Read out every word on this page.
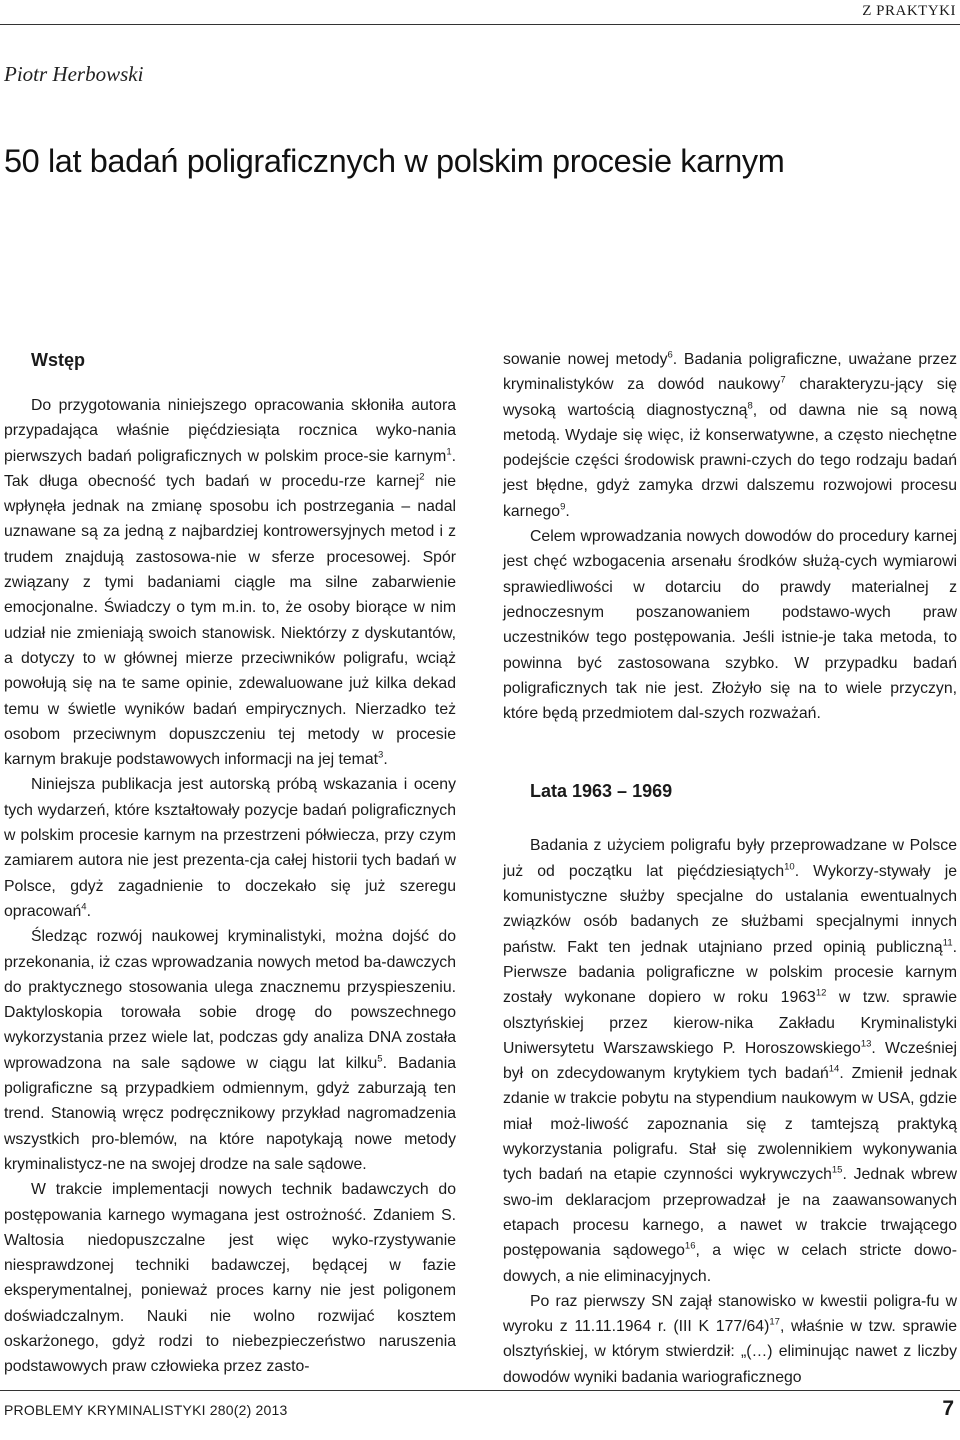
Z PRAKTYKI
Piotr Herbowski
50 lat badań poligraficznych w polskim procesie karnym
Wstęp

Do przygotowania niniejszego opracowania skłoniła autora przypadająca właśnie pięćdziesiąta rocznica wyko-nania pierwszych badań poligraficznych w polskim proce-sie karnym$^1$. Tak długa obecność tych badań w procedu-rze karnej$^2$ nie wpłynęła jednak na zmianę sposobu ich postrzegania – nadal uznawane są za jedną z najbardziej kontrowersyjnych metod i z trudem znajdują zastosowa-nie w sferze procesowej. Spór związany z tymi badaniami ciągle ma silne zabarwienie emocjonalne. Świadczy o tym m.in. to, że osoby biorące w nim udział nie zmieniają swoich stanowisk. Niektórzy z dyskutantów, a dotyczy to w głównej mierze przeciwników poligrafu, wciąż powołują się na te same opinie, zdewaluowane już kilka dekad temu w świetle wyników badań empirycznych. Nierzadko też osobom przeciwnym dopuszczeniu tej metody w procesie karnym brakuje podstawowych informacji na jej temat$^3$.

Niniejsza publikacja jest autorską próbą wskazania i oceny tych wydarzeń, które kształtowały pozycje badań poligraficznych w polskim procesie karnym na przestrzeni półwiecza, przy czym zamiarem autora nie jest prezenta-cja całej historii tych badań w Polsce, gdyż zagadnienie to doczekało się już szeregu opracowań$^4$.

Śledząc rozwój naukowej kryminalistyki, można dojść do przekonania, iż czas wprowadzania nowych metod ba-dawczych do praktycznego stosowania ulega znacznemu przyspieszeniu. Daktyloskopia torowała sobie drogę do powszechnego wykorzystania przez wiele lat, podczas gdy analiza DNA została wprowadzona na sale sądowe w ciągu lat kilku$^5$. Badania poligraficzne są przypadkiem odmiennym, gdyż zaburzają ten trend. Stanowią wręcz podręcznikowy przykład nagromadzenia wszystkich pro-blemów, na które napotykają nowe metody kryminalistycz-ne na swojej drodze na sale sądowe.

W trakcie implementacji nowych technik badawczych do postępowania karnego wymagana jest ostrożność. Zdaniem S. Waltosia niedopuszczalne jest więc wyko-rzystywanie niesprawdzonej techniki badawczej, będącej w fazie eksperymentalnej, ponieważ proces karny nie jest poligonem doświadczalnym. Nauki nie wolno rozwijać kosztem oskarżonego, gdyż rodzi to niebezpieczeństwo naruszenia podstawowych praw człowieka przez zasto-

sowanie nowej metody$^6$. Badania poligraficzne, uważane przez kryminalistyków za dowód naukowy$^7$ charakteryzu-jący się wysoką wartością diagnostyczną$^8$, od dawna nie są nową metodą. Wydaje się więc, iż konserwatywne, a często niechętne podejście części środowisk prawni-czych do tego rodzaju badań jest błędne, gdyż zamyka drzwi dalszemu rozwojowi procesu karnego$^9$.

Celem wprowadzania nowych dowodów do procedury karnej jest chęć wzbogacenia arsenału środków służą-cych wymiarowi sprawiedliwości w dotarciu do prawdy materialnej z jednoczesnym poszanowaniem podstawo-wych praw uczestników tego postępowania. Jeśli istnie-je taka metoda, to powinna być zastosowana szybko. W przypadku badań poligraficznych tak nie jest. Złożyło się na to wiele przyczyn, które będą przedmiotem dal-szych rozważań.

Lata 1963 – 1969

Badania z użyciem poligrafu były przeprowadzane w Polsce już od początku lat pięćdziesiątych$^{10}$. Wykorzy-stywały je komunistyczne służby specjalne do ustalania ewentualnych związków osób badanych ze służbami specjalnymi innych państw. Fakt ten jednak utajniano przed opinią publiczną$^{11}$. Pierwsze badania poligraficzne w polskim procesie karnym zostały wykonane dopiero w roku 1963$^{12}$ w tzw. sprawie olsztyńskiej przez kierow-nika Zakładu Kryminalistyki Uniwersytetu Warszawskiego P. Horoszowskiego$^{13}$. Wcześniej był on zdecydowanym krytykiem tych badań$^{14}$. Zmienił jednak zdanie w trakcie pobytu na stypendium naukowym w USA, gdzie miał moż-liwość zapoznania się z tamtejszą praktyką wykorzystania poligrafu. Stał się zwolennikiem wykonywania tych badań na etapie czynności wykrywczych$^{15}$. Jednak wbrew swo-im deklaracjom przeprowadzał je na zaawansowanych etapach procesu karnego, a nawet w trakcie trwającego postępowania sądowego$^{16}$, a więc w celach stricte dowo-dowych, a nie eliminacyjnych.

Po raz pierwszy SN zajął stanowisko w kwestii poligra-fu w wyroku z 11.11.1964 r. (III K 177/64)$^{17}$, właśnie w tzw. sprawie olsztyńskiej, w którym stwierdził: „(…) eliminując nawet z liczby dowodów wyniki badania wariograficznego

PROBLEMY KRYMINALISTYKI 280(2) 2013	7
